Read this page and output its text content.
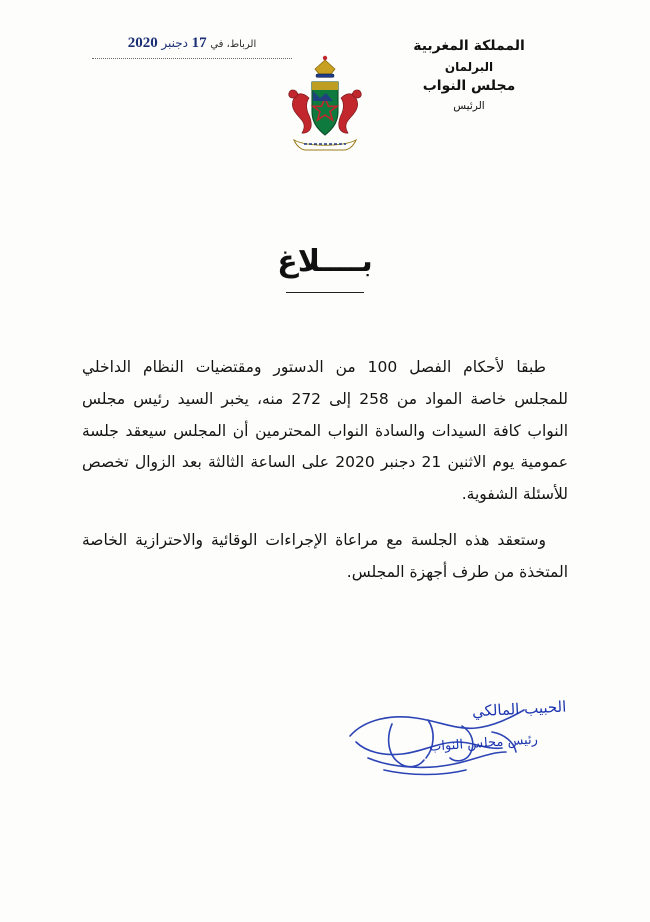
الرباط، في 17 دجنبر 2020	المملكة المغربية
البرلمان
مجلس النواب
الرئيس
بــــلاغ

طبقا لأحكام الفصل 100 من الدستور ومقتضيات النظام الداخلي للمجلس خاصة المواد من 258 إلى 272 منه، يخبر السيد رئيس مجلس النواب كافة السيدات والسادة النواب المحترمين أن المجلس سيعقد جلسة عمومية يوم الاثنين 21 دجنبر 2020 على الساعة الثالثة بعد الزوال تخصص للأسئلة الشفوية.

وستعقد هذه الجلسة مع مراعاة الإجراءات الوقائية والاحترازية الخاصة المتخذة من طرف أجهزة المجلس.

الحبيب المالكي
رئيس مجلس النواب
